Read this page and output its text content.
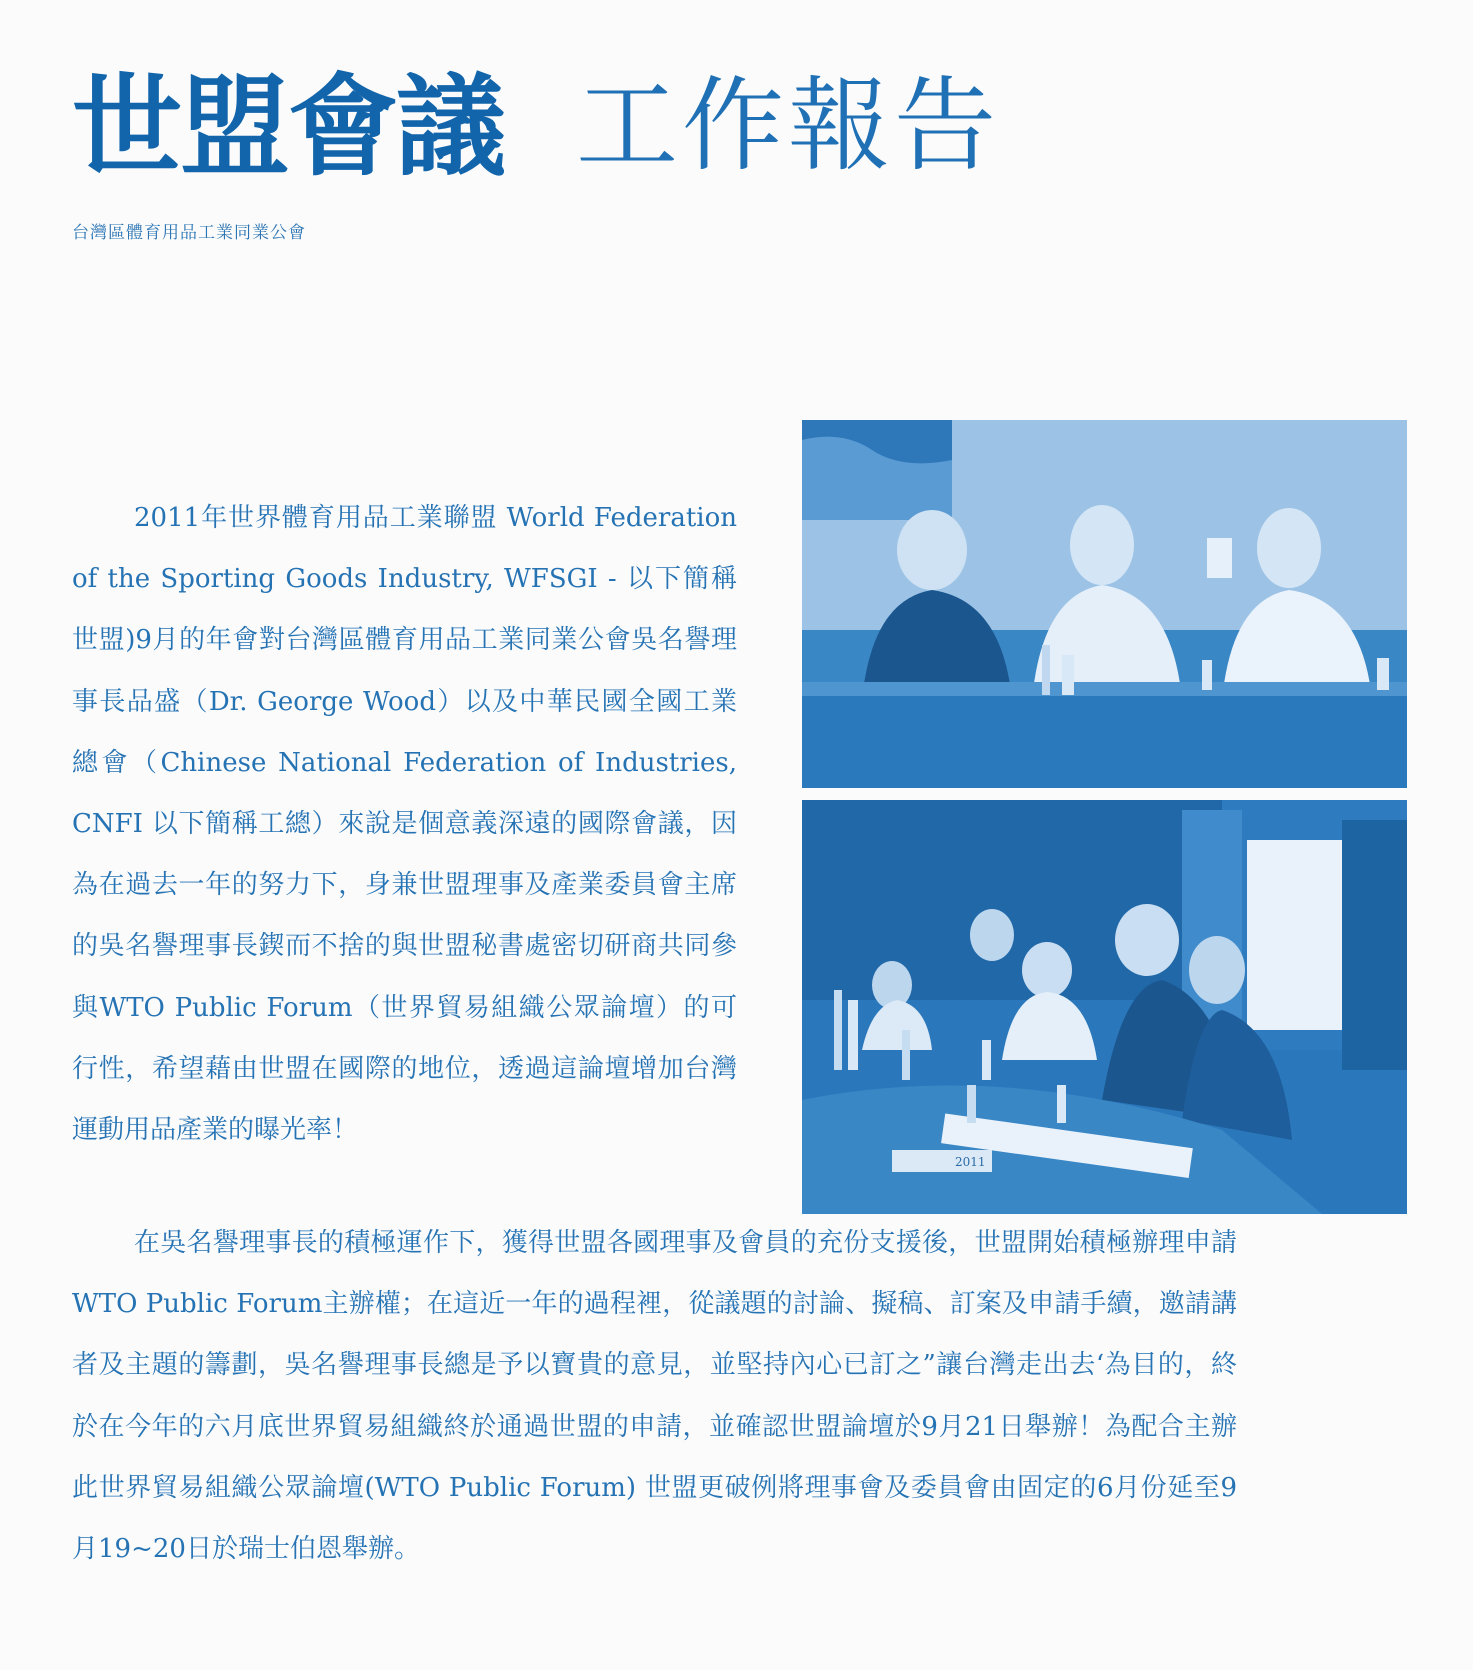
世盟會議 工作報告
台灣區體育用品工業同業公會

2011年世界體育用品工業聯盟 World Federation of the Sporting Goods Industry, WFSGI - 以下簡稱世盟)9月的年會對台灣區體育用品工業同業公會吳名譽理事長品盛（Dr. George Wood）以及中華民國全國工業總會（Chinese National Federation of Industries, CNFI 以下簡稱工總）來說是個意義深遠的國際會議，因為在過去一年的努力下，身兼世盟理事及產業委員會主席的吳名譽理事長鍥而不捨的與世盟秘書處密切研商共同參與WTO Public Forum（世界貿易組織公眾論壇）的可行性，希望藉由世盟在國際的地位，透過這論壇增加台灣運動用品產業的曝光率！

2011

在吳名譽理事長的積極運作下，獲得世盟各國理事及會員的充份支援後，世盟開始積極辦理申請WTO Public Forum主辦權；在這近一年的過程裡，從議題的討論、擬稿、訂案及申請手續，邀請講者及主題的籌劃，吳名譽理事長總是予以寶貴的意見，並堅持內心已訂之”讓台灣走出去‘為目的，終於在今年的六月底世界貿易組織終於通過世盟的申請，並確認世盟論壇於9月21日舉辦！為配合主辦此世界貿易組織公眾論壇(WTO Public Forum) 世盟更破例將理事會及委員會由固定的6月份延至9月19~20日於瑞士伯恩舉辦。
